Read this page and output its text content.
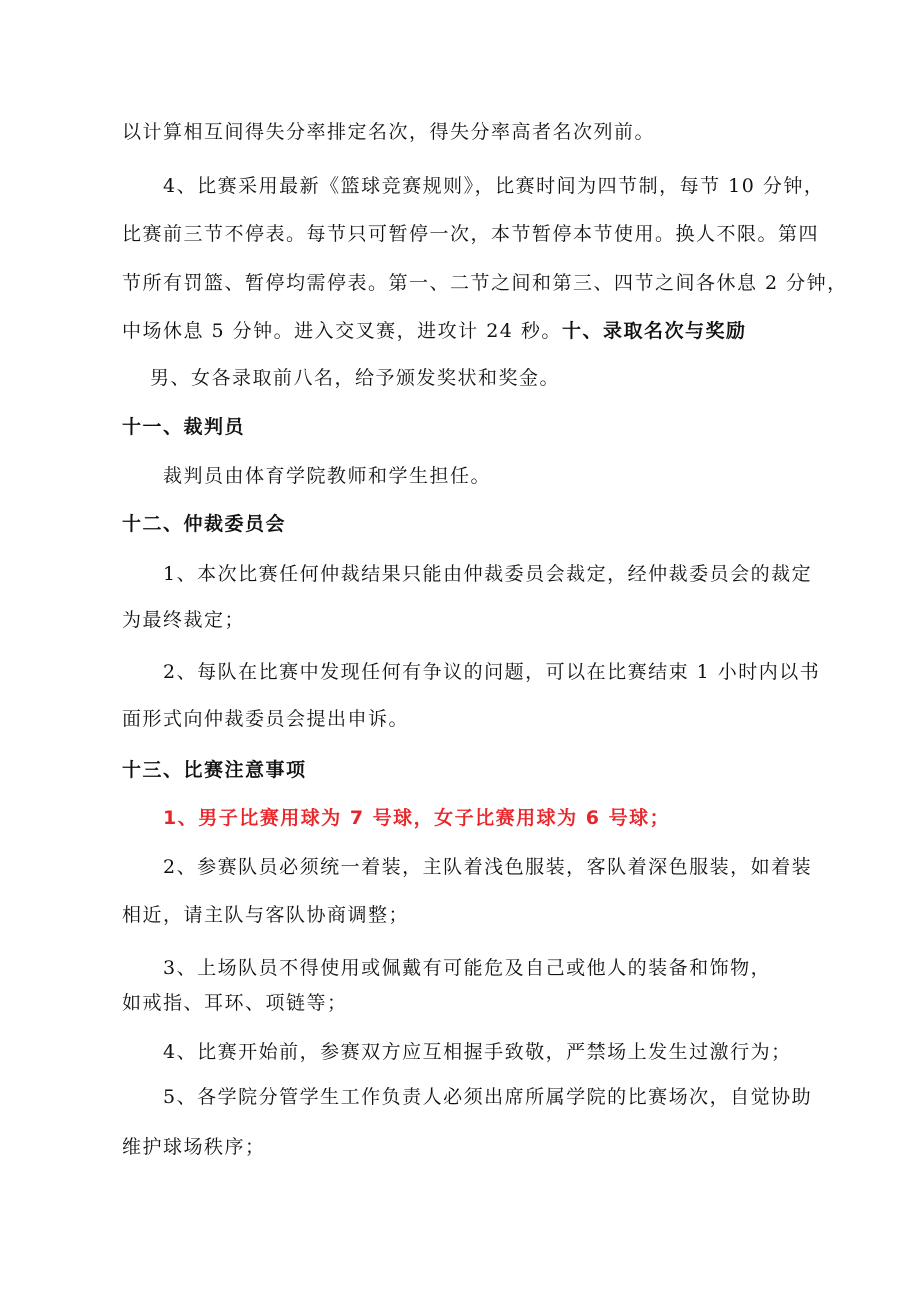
以计算相互间得失分率排定名次，得失分率高者名次列前。
4、比赛采用最新《篮球竞赛规则》，比赛时间为四节制，每节 10 分钟，
比赛前三节不停表。每节只可暂停一次，本节暂停本节使用。换人不限。第四
节所有罚篮、暂停均需停表。第一、二节之间和第三、四节之间各休息 2 分钟，
中场休息 5 分钟。进入交叉赛，进攻计 24 秒。十、录取名次与奖励
男、女各录取前八名，给予颁发奖状和奖金。
十一、裁判员
裁判员由体育学院教师和学生担任。
十二、仲裁委员会
1、本次比赛任何仲裁结果只能由仲裁委员会裁定，经仲裁委员会的裁定
为最终裁定；
2、每队在比赛中发现任何有争议的问题，可以在比赛结束 1 小时内以书
面形式向仲裁委员会提出申诉。
十三、比赛注意事项
1、男子比赛用球为 7 号球，女子比赛用球为 6 号球；
2、参赛队员必须统一着装，主队着浅色服装，客队着深色服装，如着装
相近，请主队与客队协商调整；
3、上场队员不得使用或佩戴有可能危及自己或他人的装备和饰物，
如戒指、耳环、项链等；
4、比赛开始前，参赛双方应互相握手致敬，严禁场上发生过激行为；
5、各学院分管学生工作负责人必须出席所属学院的比赛场次，自觉协助
维护球场秩序；
